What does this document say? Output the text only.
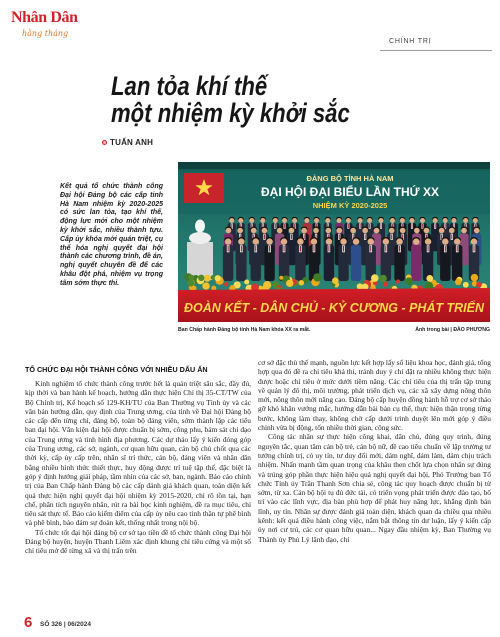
Nhân Dân
hằng tháng
CHÍNH TRỊ
Lan tỏa khí thế
một nhiệm kỳ khởi sắc
TUẤN ANH
Kết quả tổ chức thành công Đại hội Đảng bộ các cấp tỉnh Hà Nam nhiệm kỳ 2020-2025 có sức lan tỏa, tạo khí thế, động lực mới cho một nhiệm kỳ khởi sắc, nhiều thành tựu. Cấp ủy khóa mới quán triệt, cụ thể hóa nghị quyết đại hội thành các chương trình, đề án, nghị quyết chuyên đề để các khâu đột phá, nhiệm vụ trọng tâm sớm thực thi.
ĐẢNG BỘ TỈNH HÀ NAM
ĐẠI HỘI ĐẠI BIỂU LẦN THỨ XX
NHIỆM KỲ 2020-2025
ĐOÀN KẾT - DÂN CHỦ - KỶ CƯƠNG - PHÁT TRIỂN
Ban Chấp hành Đảng bộ tỉnh Hà Nam khóa XX ra mắt.	Ảnh trong bài | ĐÀO PHƯƠNG
TỔ CHỨC ĐẠI HỘI THÀNH CÔNG VỚI NHIỀU DẤU ẤN

Kinh nghiệm tổ chức thành công trước hết là quán triệt sâu sắc, đầy đủ, kịp thời và ban hành kế hoạch, hướng dẫn thực hiện Chỉ thị 35-CT/TW của Bộ Chính trị, Kế hoạch số 129-KH/TU của Ban Thường vụ Tỉnh ủy và các văn bản hướng dẫn, quy định của Trung ương, của tỉnh về Đại hội Đảng bộ các cấp đến từng chi, đảng bộ, toàn bộ đảng viên, sớm thành lập các tiểu ban đại hội. Văn kiện đại hội được chuẩn bị sớm, công phu, bám sát chỉ đạo của Trung ương và tình hình địa phương. Các dự thảo lấy ý kiến đóng góp của Trung ương, các sở, ngành, cơ quan hữu quan, cán bộ chủ chốt qua các thời kỳ, cấp ủy cấp trên, nhân sĩ trí thức, cán bộ, đảng viên và nhân dân bằng nhiều hình thức thiết thực, huy động được trí tuệ tập thể, đặc biệt là góp ý định hướng giải pháp, tầm nhìn của các sở, ban, ngành. Báo cáo chính trị của Ban Chấp hành Đảng bộ các cấp đánh giá khách quan, toàn diện kết quả thực hiện nghị quyết đại hội nhiệm kỳ 2015-2020, chỉ rõ tồn tại, hạn chế, phân tích nguyên nhân, rút ra bài học kinh nghiệm, đề ra mục tiêu, chỉ tiêu sát thực tế. Báo cáo kiểm điểm của cấp ủy nêu cao tinh thần tự phê bình và phê bình, bảo đảm sự đoàn kết, thống nhất trong nội bộ.

Tổ chức tốt đại hội đảng bộ cơ sở tạo tiền đề tổ chức thành công Đại hội Đảng bộ huyện, huyện Thanh Liêm xác định khung chỉ tiêu cứng và một số chỉ tiêu mở để từng xã và thị trấn trên

cơ sở đặc thù thế mạnh, nguồn lực kết hợp lấy số liệu khoa học, đánh giá, tổng hợp qua đó đề ra chỉ tiêu khả thi, tránh duy ý chí đặt ra nhiều không thực hiện được hoặc chỉ tiêu ở mức dưới tiềm năng. Các chỉ tiêu của thị trấn tập trung về quản lý đô thị, môi trường, phát triển dịch vụ, các xã xây dựng nông thôn mới, nông thôn mới nâng cao. Đảng bộ cấp huyện đồng hành hỗ trợ cơ sở tháo gỡ khó khăn vướng mắc, hướng dẫn bài bản cụ thể, thực hiện thận trọng từng bước, không làm thay, không chờ cấp dưới trình duyệt lên mới góp ý điều chỉnh vừa bị động, tốn nhiều thời gian, công sức.

Công tác nhân sự thực hiện công khai, dân chủ, đúng quy trình, đúng nguyên tắc, quan tâm cán bộ trẻ, cán bộ nữ, đề cao tiêu chuẩn về lập trường tư tưởng chính trị, có uy tín, tư duy đổi mới, dám nghĩ, dám làm, dám chịu trách nhiệm. Nhấn mạnh tầm quan trọng của khâu then chốt lựa chọn nhân sự đúng và trúng góp phần thực hiện hiệu quả nghị quyết đại hội, Phó Trưởng ban Tổ chức Tỉnh ủy Trần Thanh Sơn chia sẻ, công tác quy hoạch được chuẩn bị từ sớm, từ xa. Cán bộ hội tụ đủ đức tài, có triển vọng phát triển được đào tạo, bố trí vào các lĩnh vực, địa bàn phù hợp để phát huy năng lực, khẳng định bản lĩnh, uy tín. Nhân sự được đánh giá toàn diện, khách quan đa chiều qua nhiều kênh: kết quả điều hành công việc, nắm bắt thông tin dư luận, lấy ý kiến cấp ủy nơi cư trú, các cơ quan hữu quan... Ngay đầu nhiệm kỳ, Ban Thường vụ Thành ủy Phủ Lý lãnh đạo, chỉ

6 SỐ 326 | 06/2024
